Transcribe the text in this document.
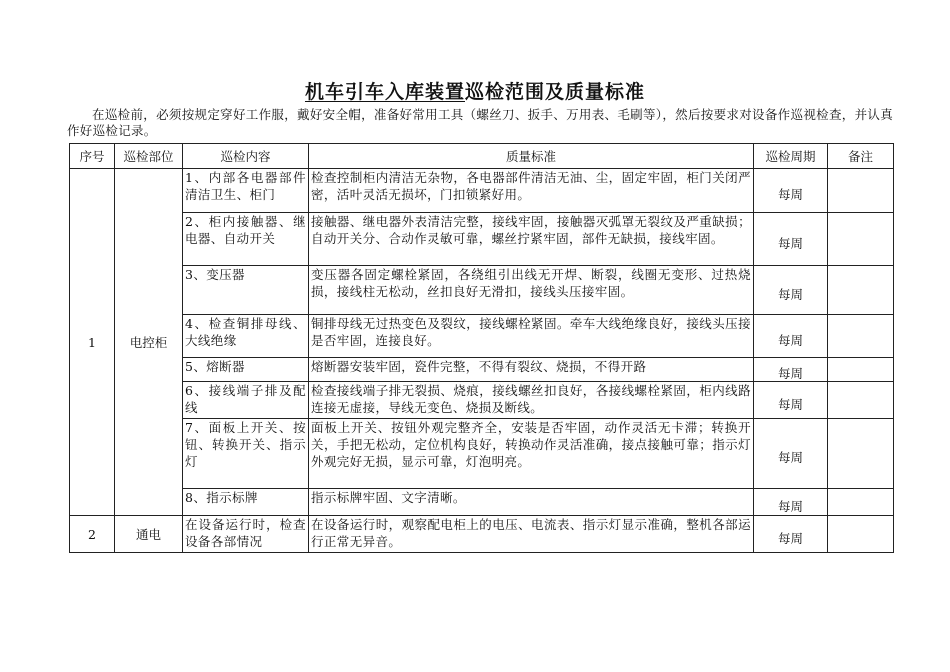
机车引车入库装置巡检范围及质量标准
在巡检前，必须按规定穿好工作服，戴好安全帽，准备好常用工具（螺丝刀、扳手、万用表、毛刷等），然后按要求对设备作巡视检查，并认真作好巡检记录。
序号	巡检部位	巡检内容	质量标准	巡检周期	备注
1	电控柜	1、内部各电器部件清洁卫生、柜门	检查控制柜内清洁无杂物，各电器部件清洁无油、尘，固定牢固，柜门关闭严密，活叶灵活无损坏，门扣锁紧好用。	每周	
		2、柜内接触器、继电器、自动开关	接触器、继电器外表清洁完整，接线牢固，接触器灭弧罩无裂纹及严重缺损；自动开关分、合动作灵敏可靠，螺丝拧紧牢固，部件无缺损，接线牢固。	每周	
		3、变压器	变压器各固定螺栓紧固，各绕组引出线无开焊、断裂，线圈无变形、过热烧损，接线柱无松动，丝扣良好无滑扣，接线头压接牢固。	每周	
		4、检查铜排母线、大线绝缘	铜排母线无过热变色及裂纹，接线螺栓紧固。牵车大线绝缘良好，接线头压接是否牢固，连接良好。	每周	
		5、熔断器	熔断器安装牢固，瓷件完整，不得有裂纹、烧损，不得开路	每周	
		6、接线端子排及配线	检查接线端子排无裂损、烧痕，接线螺丝扣良好，各接线螺栓紧固，柜内线路连接无虚接，导线无变色、烧损及断线。	每周	
		7、面板上开关、按钮、转换开关、指示灯	面板上开关、按钮外观完整齐全，安装是否牢固，动作灵活无卡滞；转换开关，手把无松动，定位机构良好，转换动作灵活准确，接点接触可靠；指示灯外观完好无损，显示可靠，灯泡明亮。	每周	
		8、指示标牌	指示标牌牢固、文字清晰。	每周	
2	通电	在设备运行时，检查设备各部情况	在设备运行时，观察配电柜上的电压、电流表、指示灯显示准确，整机各部运行正常无异音。	每周	
